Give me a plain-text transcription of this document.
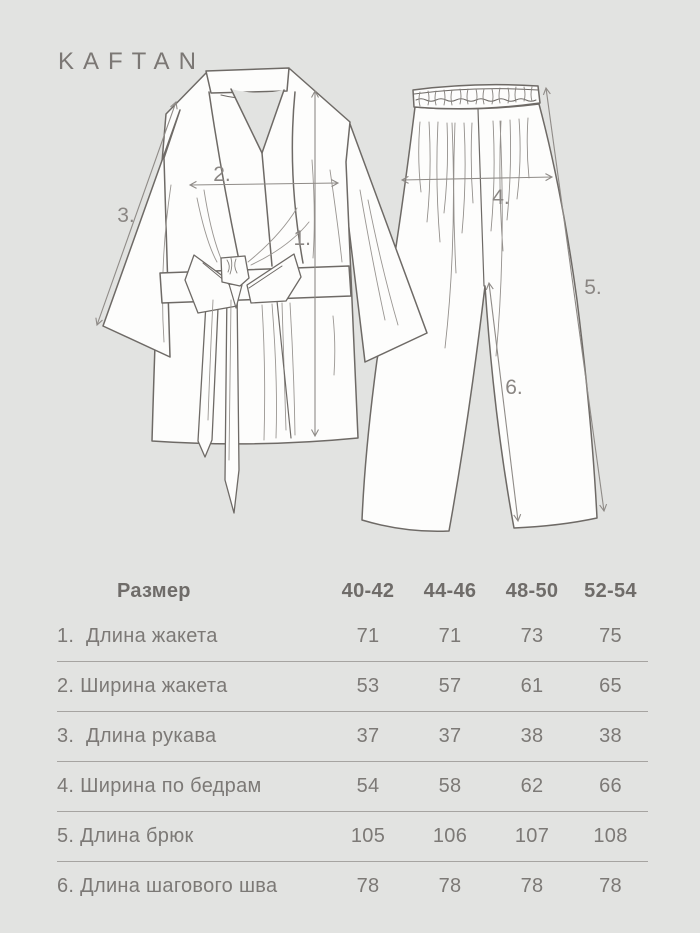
KAFTAN
1.
2.
3.
4.
5.
6.
Размер	40-42	44-46	48-50	52-54
1.  Длина жакета	71	71	73	75
2. Ширина жакета	53	57	61	65
3.  Длина рукава	37	37	38	38
4. Ширина по бедрам	54	58	62	66
5. Длина брюк	105	106	107	108
6. Длина шагового шва	78	78	78	78
